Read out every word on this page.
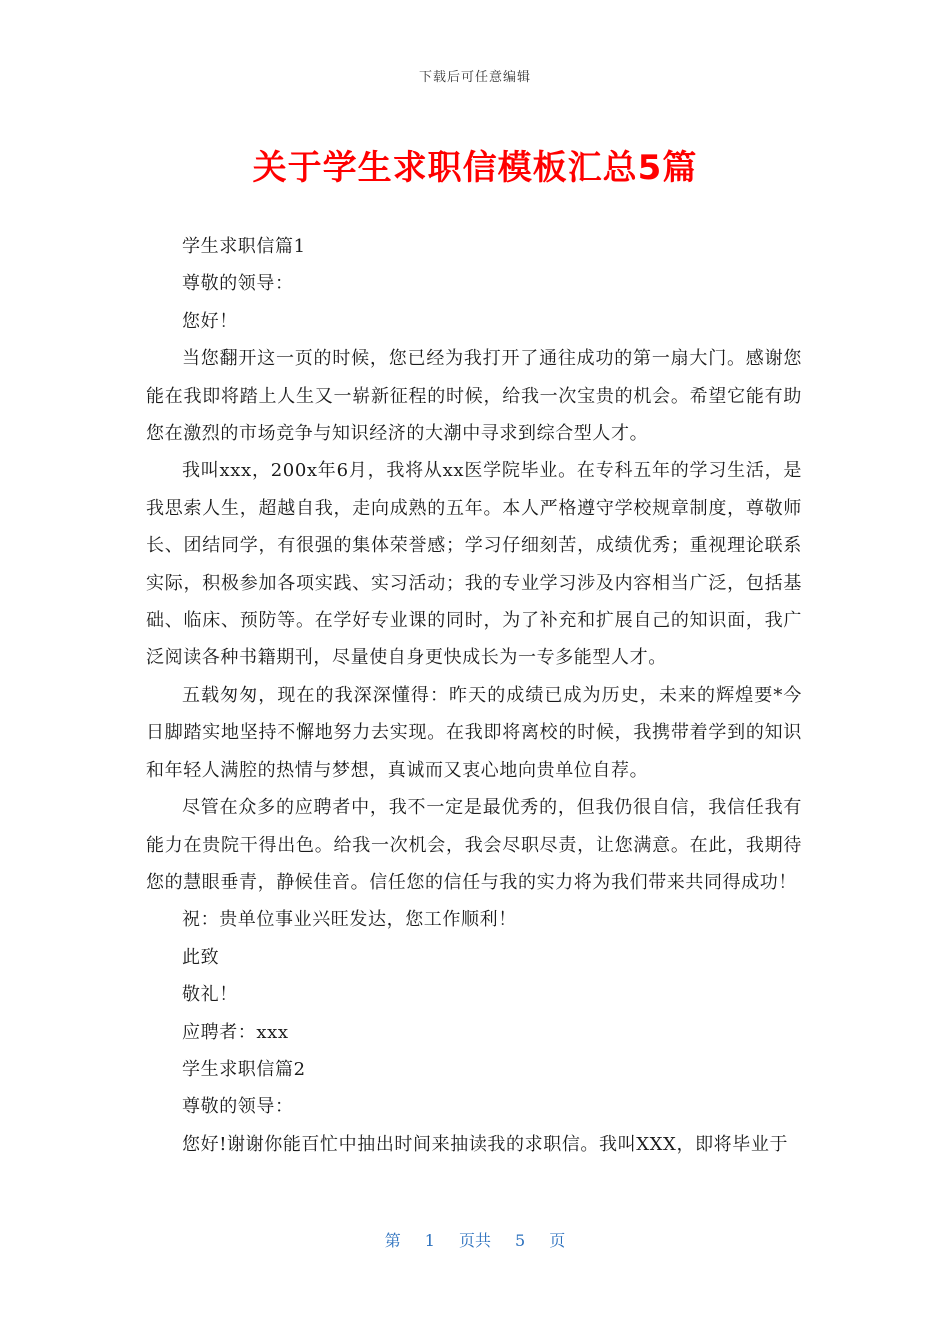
下载后可任意编辑
关于学生求职信模板汇总5篇

学生求职信篇1

尊敬的领导：

您好！

当您翻开这一页的时候，您已经为我打开了通往成功的第一扇大门。感谢您能在我即将踏上人生又一崭新征程的时候，给我一次宝贵的机会。希望它能有助您在激烈的市场竞争与知识经济的大潮中寻求到综合型人才。

我叫xxx，200x年6月，我将从xx医学院毕业。在专科五年的学习生活，是我思索人生，超越自我，走向成熟的五年。本人严格遵守学校规章制度，尊敬师长、团结同学，有很强的集体荣誉感；学习仔细刻苦，成绩优秀；重视理论联系实际，积极参加各项实践、实习活动；我的专业学习涉及内容相当广泛，包括基础、临床、预防等。在学好专业课的同时，为了补充和扩展自己的知识面，我广泛阅读各种书籍期刊，尽量使自身更快成长为一专多能型人才。

五载匆匆，现在的我深深懂得：昨天的成绩已成为历史，未来的辉煌要*今日脚踏实地坚持不懈地努力去实现。在我即将离校的时候，我携带着学到的知识和年轻人满腔的热情与梦想，真诚而又衷心地向贵单位自荐。

尽管在众多的应聘者中，我不一定是最优秀的，但我仍很自信，我信任我有能力在贵院干得出色。给我一次机会，我会尽职尽责，让您满意。在此，我期待您的慧眼垂青，静候佳音。信任您的信任与我的实力将为我们带来共同得成功！

祝：贵单位事业兴旺发达，您工作顺利！

此致

敬礼！

应聘者：xxx

学生求职信篇2

尊敬的领导：

您好!谢谢你能百忙中抽出时间来抽读我的求职信。我叫XXX，即将毕业于

第 1 页共 5 页
